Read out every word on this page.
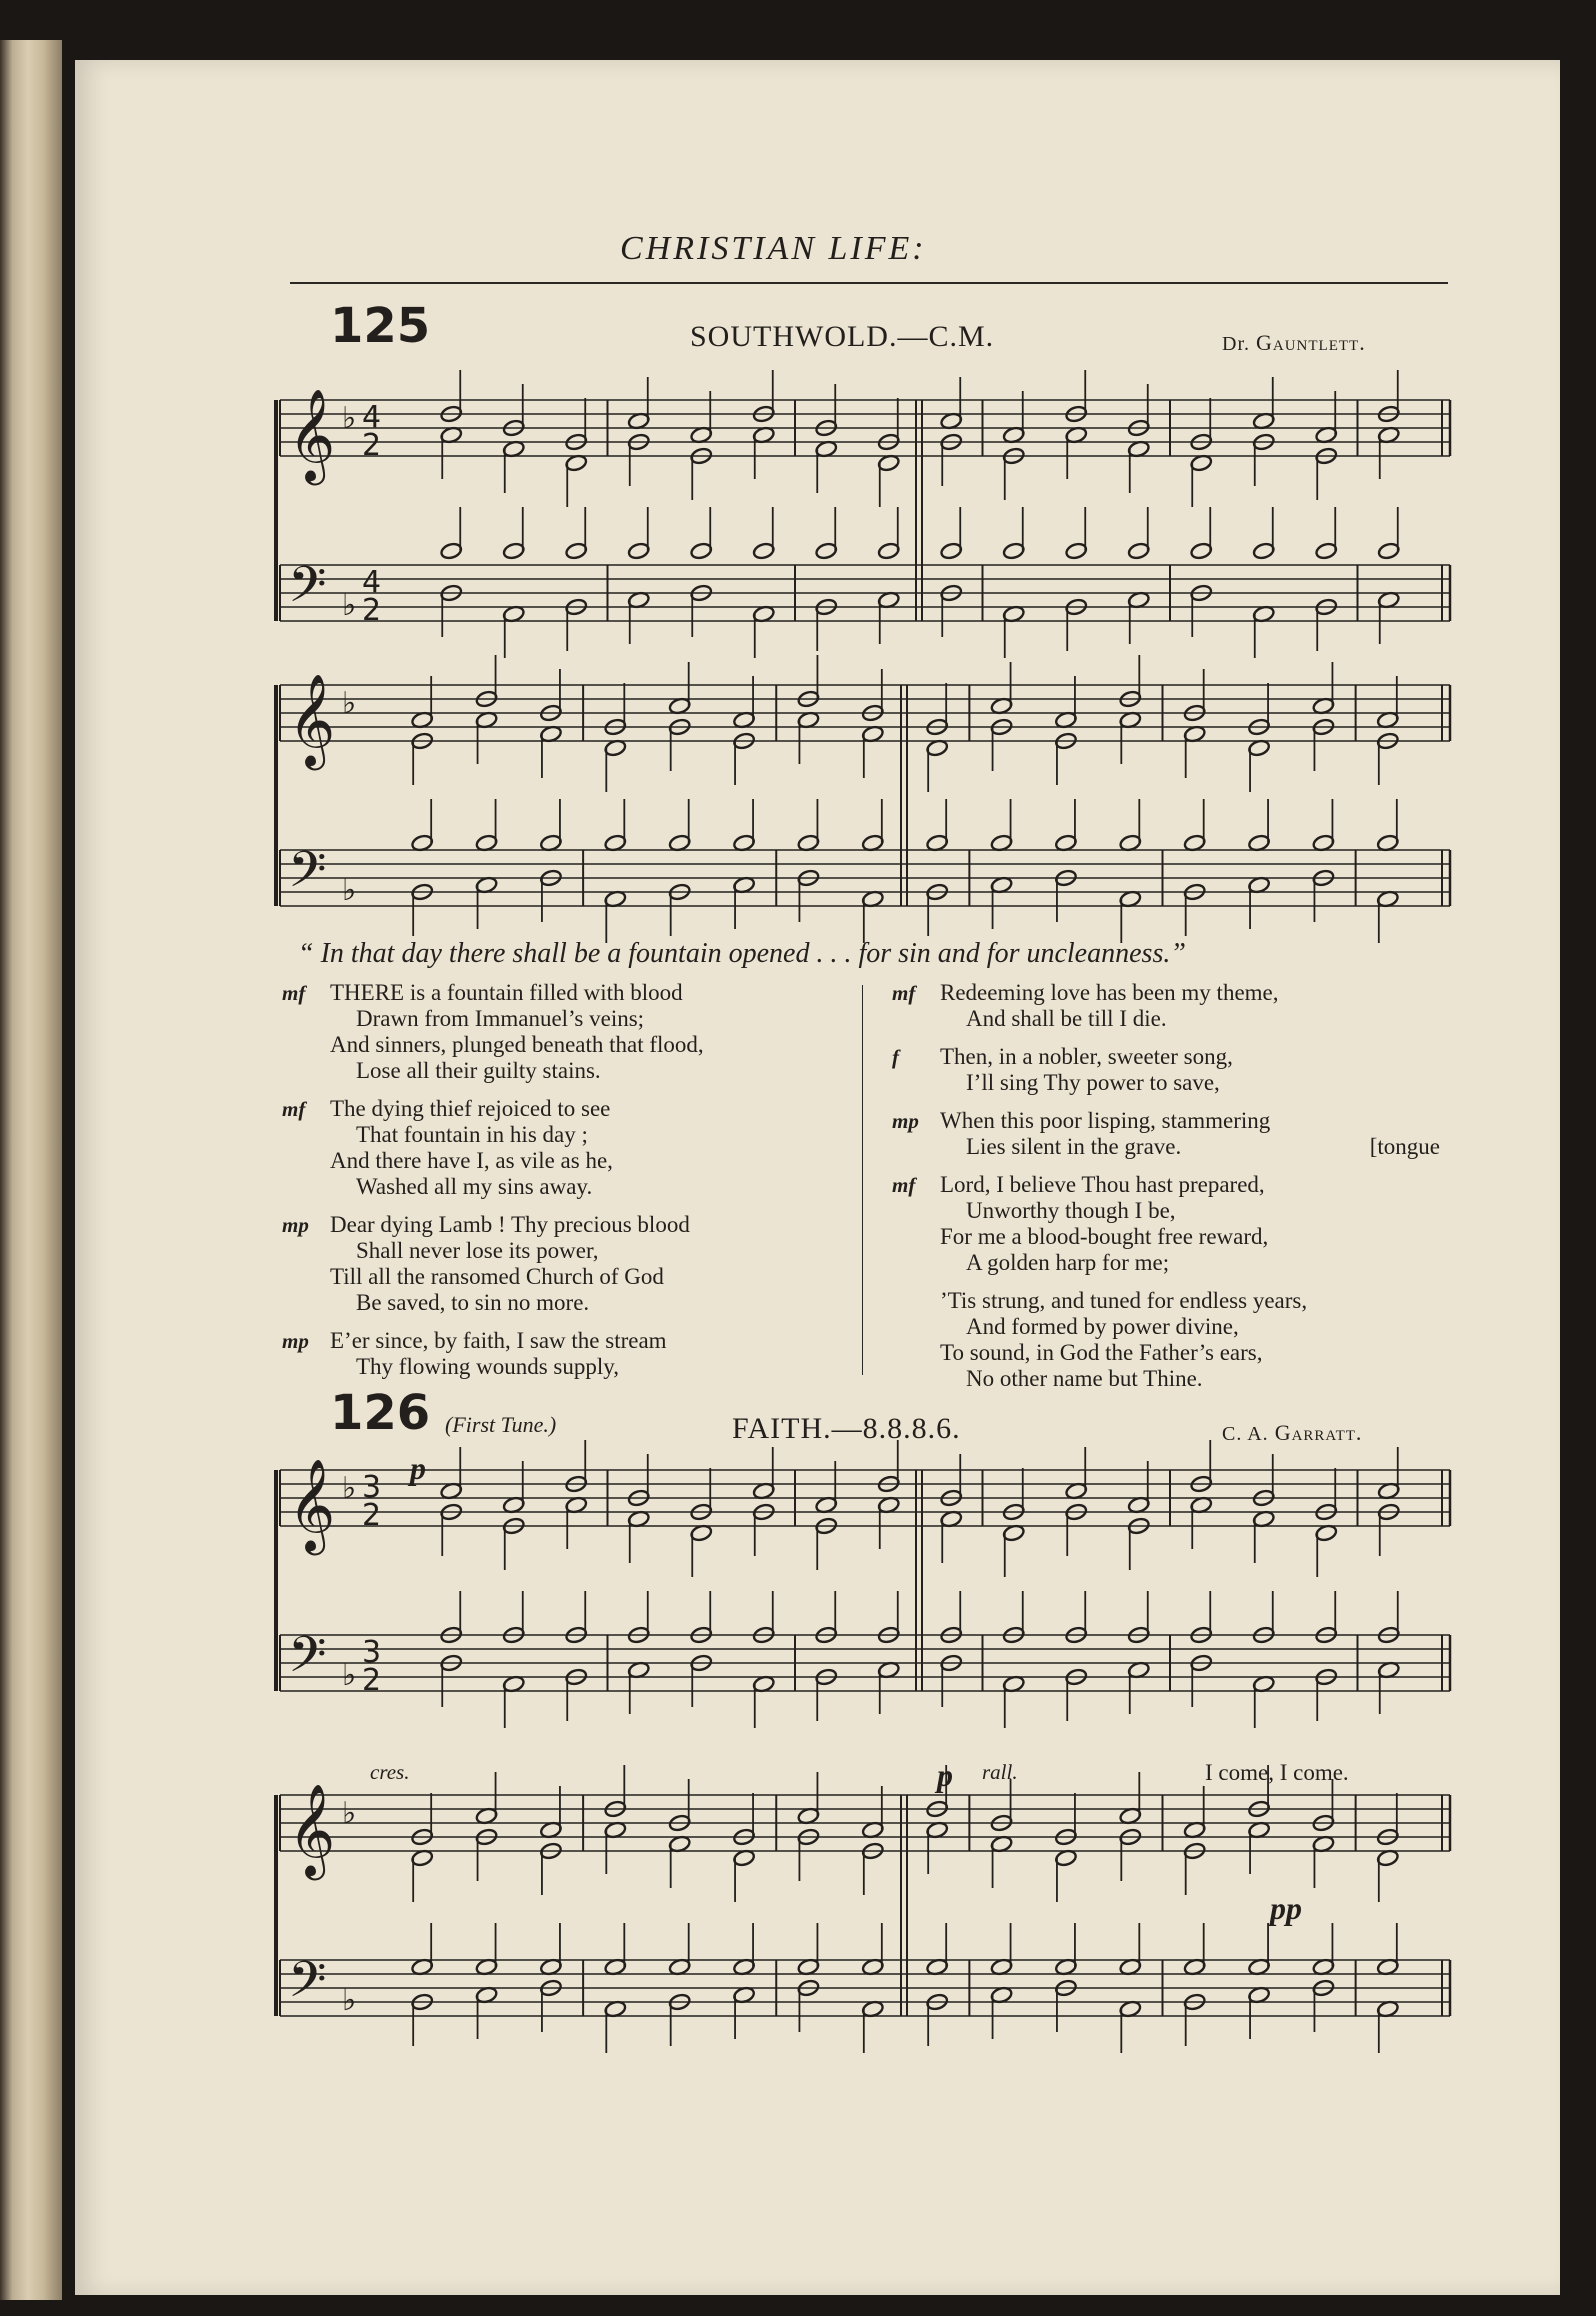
CHRISTIAN LIFE:
125	SOUTHWOLD.—C.M.	Dr. Gauntlett.
𝄞
𝄢
♭
♭
4
2
4
2
𝄞
𝄢
♭
♭
𝄞
𝄢
♭
♭
3
2
3
2
𝄞
𝄢
♭
♭
“ In that day there shall be a fountain opened . . . for sin and for uncleanness.”
mf THERE is a fountain filled with blood
Drawn from Immanuel’s veins;
And sinners, plunged beneath that flood,
Lose all their guilty stains.
mf The dying thief rejoiced to see
That fountain in his day ;
And there have I, as vile as he,
Washed all my sins away.
mp Dear dying Lamb ! Thy precious blood
Shall never lose its power,
Till all the ransomed Church of God
Be saved, to sin no more.
mp E’er since, by faith, I saw the stream
Thy flowing wounds supply,
mf Redeeming love has been my theme,
And shall be till I die.
f Then, in a nobler, sweeter song,
I’ll sing Thy power to save,
mp When this poor lisping, stammering
Lies silent in the grave.	[tongue
mf Lord, I believe Thou hast prepared,
Unworthy though I be,
For me a blood-bought free reward,
A golden harp for me;
’Tis strung, and tuned for endless years,
And formed by power divine,
To sound, in God the Father’s ears,
No other name but Thine.
126 (First Tune.)	FAITH.—8.8.8.6.	C. A. Garratt.
p
cres.	p rall.	I come, I come.
pp
